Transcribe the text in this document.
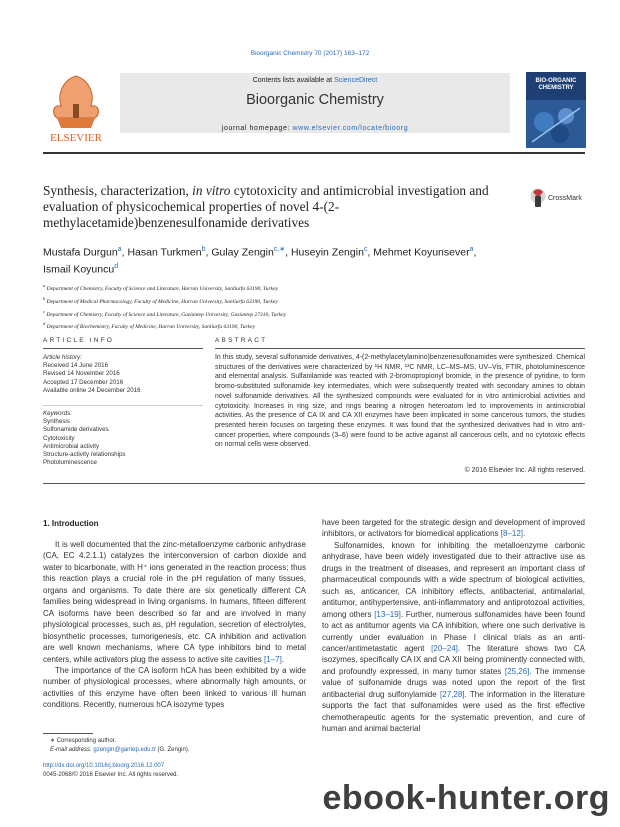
Bioorganic Chemistry 70 (2017) 163–172
ELSEVIER
Contents lists available at ScienceDirect
Bioorganic Chemistry
journal homepage: www.elsevier.com/locate/bioorg
BIO-ORGANIC CHEMISTRY
Synthesis, characterization, in vitro cytotoxicity and antimicrobial investigation and evaluation of physicochemical properties of novel 4-(2-methylacetamide)benzenesulfonamide derivatives
CrossMark
Mustafa Durgun$^a$, Hasan Turkmen$^b$, Gulay Zengin$^{c,∗}$, Huseyin Zengin$^c$, Mehmet Koyunsever$^a$,
Ismail Koyuncu$^d$
$^a$ Department of Chemistry, Faculty of Science and Literature, Harran University, Sanliurfa 63190, Turkey
$^b$ Department of Medical Pharmacology, Faculty of Medicine, Harran University, Sanliurfa 63190, Turkey
$^c$ Department of Chemistry, Faculty of Science and Literature, Gaziantep University, Gaziantep 27310, Turkey
$^d$ Department of Biochemistry, Faculty of Medicine, Harran University, Sanliurfa 63190, Turkey
ARTICLE INFO	ABSTRACT
Article history:
Received 14 June 2016
Revised 14 November 2016
Accepted 17 December 2016
Available online 24 December 2016
Keywords:
Synthesis
Sulfonamide derivatives
Cytotoxicity
Antimicrobial activity
Structure-activity relationships
Photoluminescence
In this study, several sulfonamide derivatives, 4-(2-methylacetylamino)benzenesulfonamides were synthesized. Chemical structures of the derivatives were characterized by ¹H NMR, ¹³C NMR, LC–MS–MS, UV–Vis, FTIR, photoluminescence and elemental analysis. Sulfanilamide was reacted with 2-bromopropionyl bromide, in the presence of pyridine, to form bromo-substituted sulfonamide key intermediates, which were subsequently treated with secondary amines to obtain novel sulfonamide derivatives. All the synthesized compounds were evaluated for in vitro antimicrobial activities and cytotoxicity. Increases in ring size, and rings bearing a nitrogen heteroatom led to improvements in antimicrobial activities. As the presence of CA IX and CA XII enzymes have been implicated in some cancerous tumors, the studies presented herein focuses on targeting these enzymes. It was found that the synthesized derivatives had in vitro anti-cancer properties, where compounds (3–6) were found to be active against all cancerous cells, and no cytotoxic effects on normal cells were observed.
© 2016 Elsevier Inc. All rights reserved.
1. Introduction

It is well documented that the zinc-metalloenzyme carbonic anhydrase (CA, EC 4.2.1.1) catalyzes the interconversion of carbon dioxide and water to bicarbonate, with H⁺ ions generated in the reaction process; thus this reaction plays a crucial role in the pH regulation of many tissues, organs and organisms. To date there are six genetically different CA families being widespread in living organisms. In humans, fifteen different CA isoforms have been described so far and are involved in many physiological processes, such as, pH regulation, secretion of electrolytes, biosynthetic processes, tumorigenesis, etc. CA inhibition and activation are well known mechanisms, where CA type inhibitors bind to metal centers, while activators plug the assess to active site cavities [1–7].

The importance of the CA isoform hCA has been exhibited by a wide number of physiological processes, where abnormally high amounts, or activities of this enzyme have often been linked to various ill human conditions. Recently, numerous hCA isozyme types

have been targeted for the strategic design and development of improved inhibitors, or activators for biomedical applications [8–12].

Sulfonamides, known for inhibiting the metalloenzyme carbonic anhydrase, have been widely investigated due to their attractive use as drugs in the treatment of diseases, and represent an important class of pharmaceutical compounds with a wide spectrum of biological activities, such as, anticancer, CA inhibitory effects, antibacterial, antimalarial, antitumor, antihypertensive, anti-inflammatory and antiprotozoal activities, among others [13–19]. Further, numerous sulfonamides have been found to act as antitumor agents via CA inhibition, where one such derivative is currently under evaluation in Phase I clinical trials as an anti-cancer/antimetastatic agent [20–24]. The literature shows two CA isozymes, specifically CA IX and CA XII being prominently connected with, and profoundly expressed, in many tumor states [25,26]. The immense value of sulfonamide drugs was noted upon the report of the first antibacterial drug sulfonylamide [27,28]. The information in the literature supports the fact that sulfonamides were used as the first effective chemotherapeutic agents for the systematic prevention, and cure of human and animal bacterial

∗ Corresponding author.
E-mail address: gzengin@gantep.edu.tr (G. Zengin).
http://dx.doi.org/10.1016/j.bioorg.2016.12.007
0045-2068/© 2016 Elsevier Inc. All rights reserved.
ebook-hunter.org
